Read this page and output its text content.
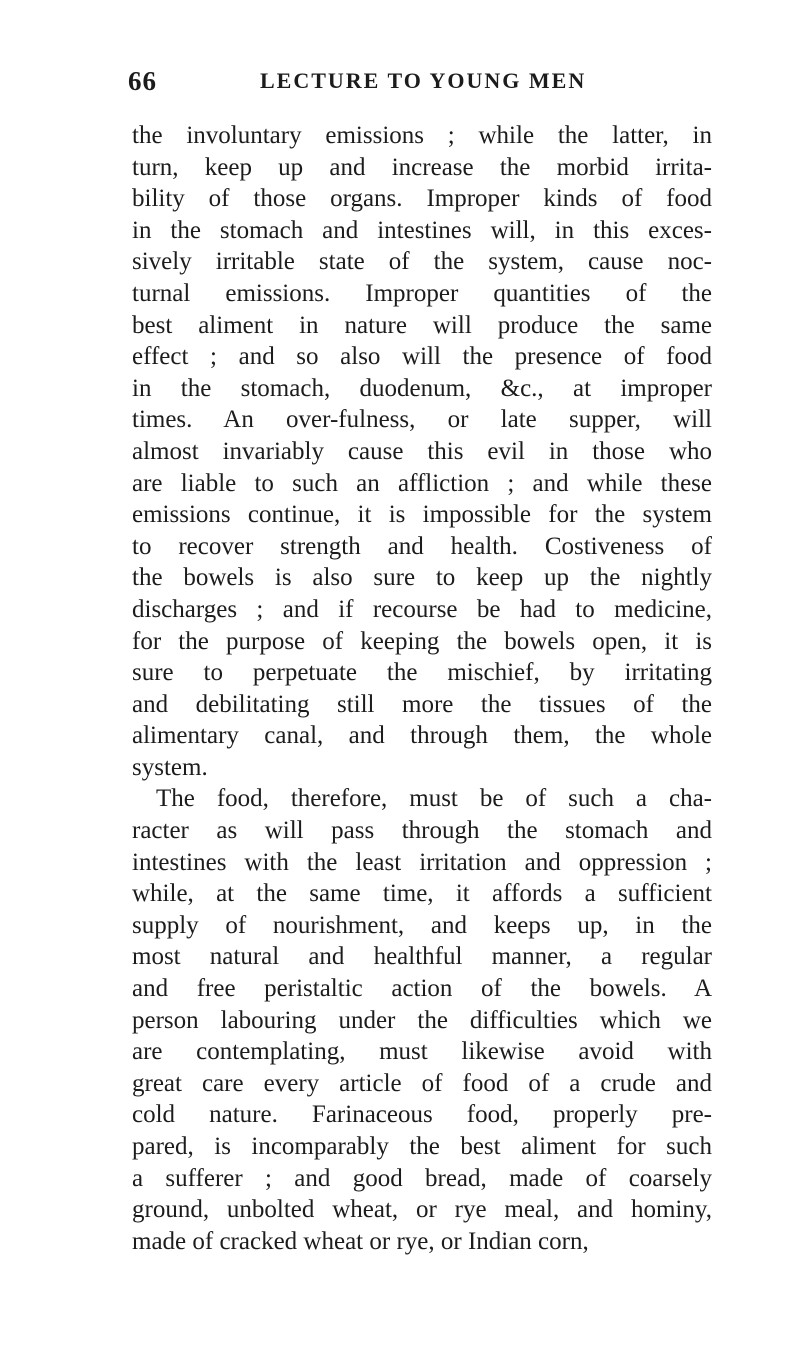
66	LECTURE TO YOUNG MEN
the involuntary emissions ; while the latter, in
turn, keep up and increase the morbid irrita-
bility of those organs. Improper kinds of food
in the stomach and intestines will, in this exces-
sively irritable state of the system, cause noc-
turnal emissions. Improper quantities of the
best aliment in nature will produce the same
effect ; and so also will the presence of food
in the stomach, duodenum, &c., at improper
times. An over-fulness, or late supper, will
almost invariably cause this evil in those who
are liable to such an affliction ; and while these
emissions continue, it is impossible for the system
to recover strength and health. Costiveness of
the bowels is also sure to keep up the nightly
discharges ; and if recourse be had to medicine,
for the purpose of keeping the bowels open, it is
sure to perpetuate the mischief, by irritating
and debilitating still more the tissues of the
alimentary canal, and through them, the whole
system.
The food, therefore, must be of such a cha-
racter as will pass through the stomach and
intestines with the least irritation and oppression ;
while, at the same time, it affords a sufficient
supply of nourishment, and keeps up, in the
most natural and healthful manner, a regular
and free peristaltic action of the bowels. A
person labouring under the difficulties which we
are contemplating, must likewise avoid with
great care every article of food of a crude and
cold nature. Farinaceous food, properly pre-
pared, is incomparably the best aliment for such
a sufferer ; and good bread, made of coarsely
ground, unbolted wheat, or rye meal, and hominy,
made of cracked wheat or rye, or Indian corn,
